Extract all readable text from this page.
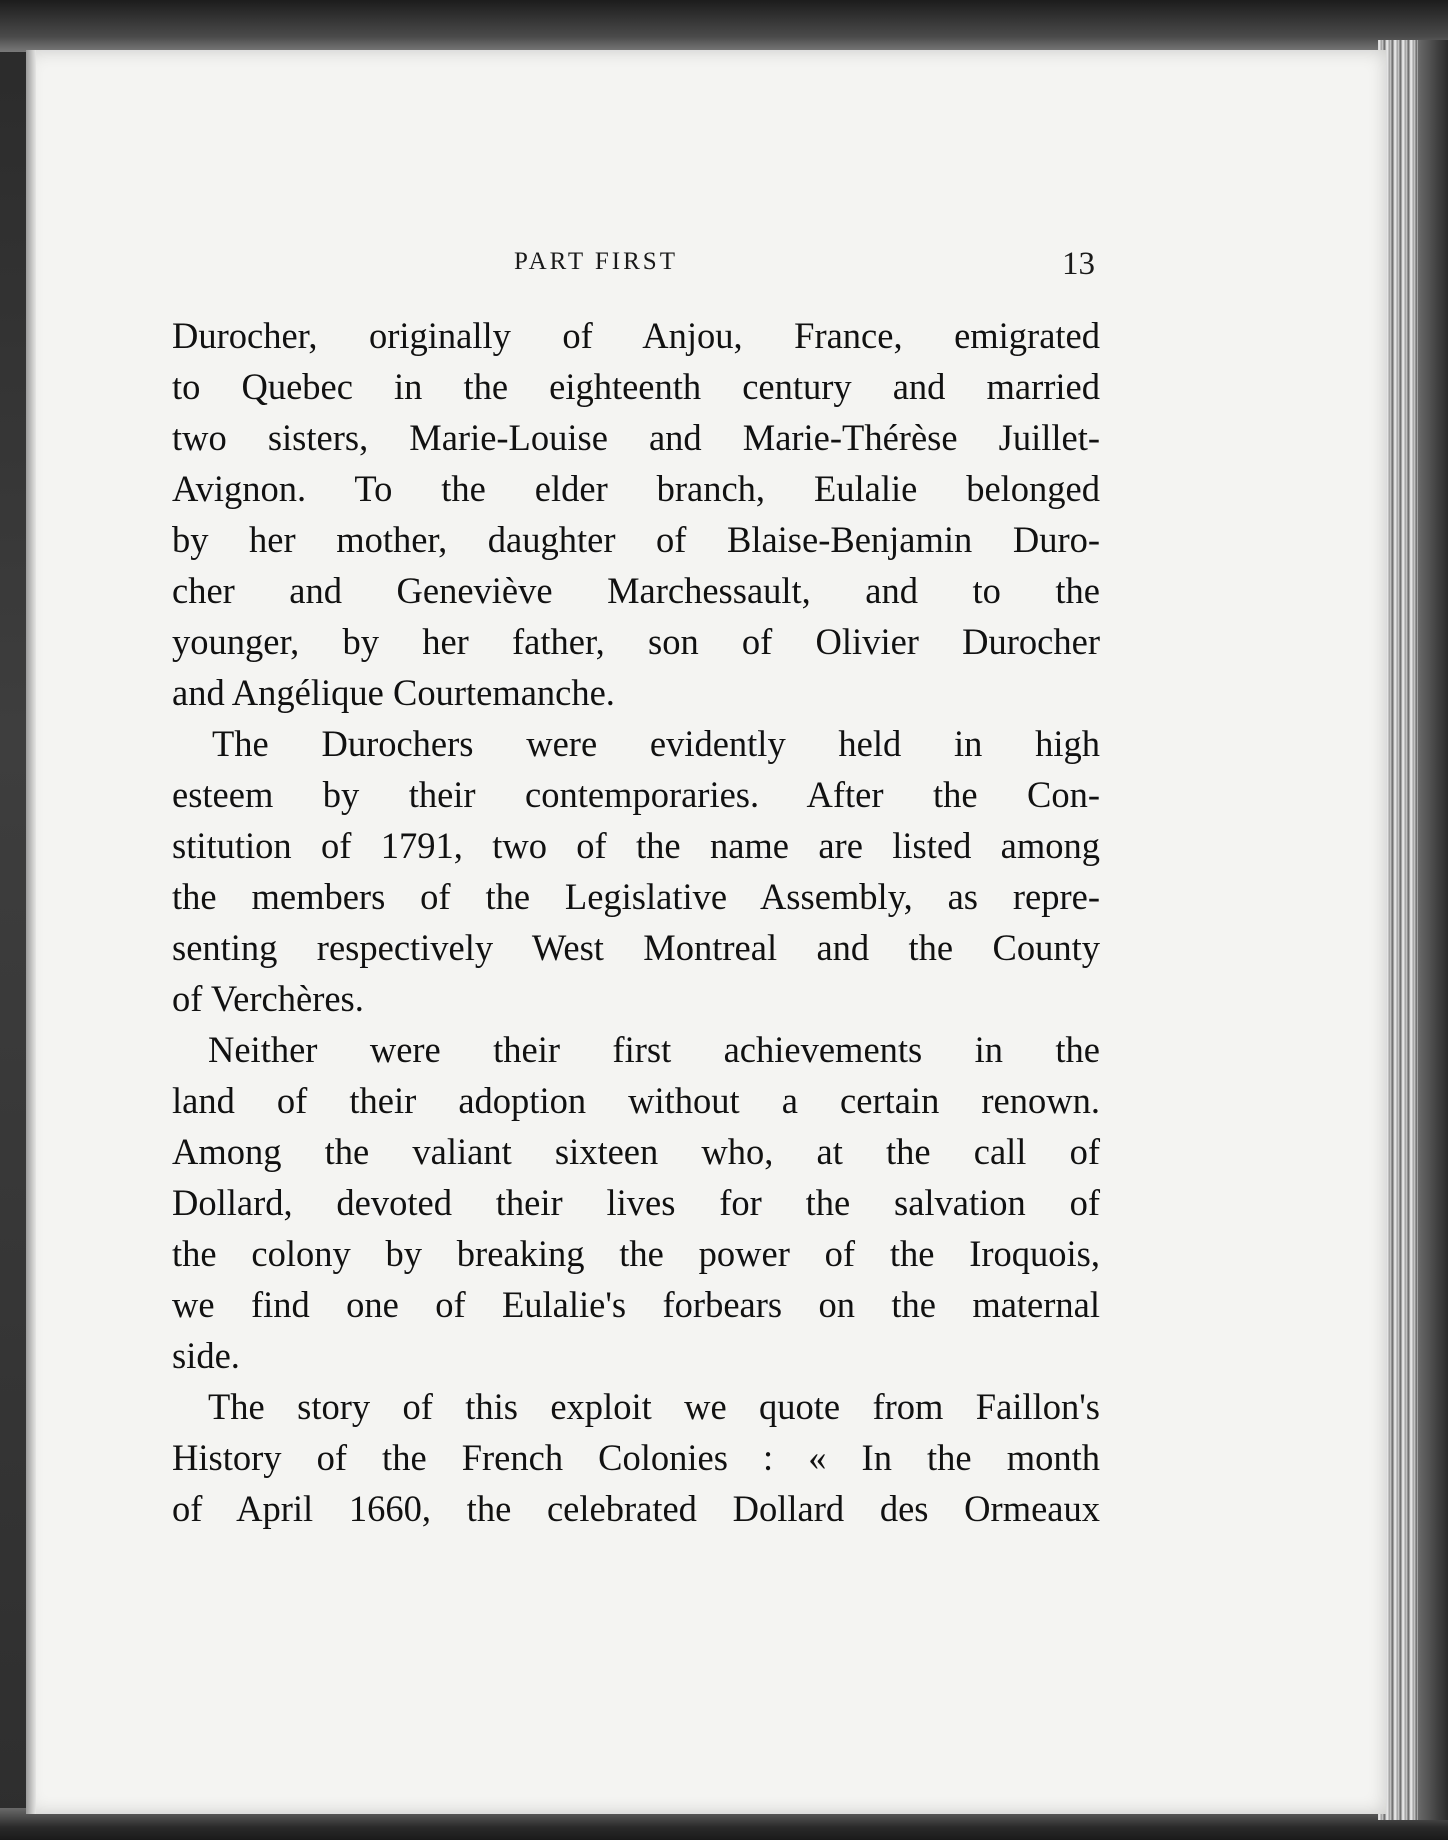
PART FIRST	13
Durocher, originally of Anjou, France, emigrated
to Quebec in the eighteenth century and married
two sisters, Marie-Louise and Marie-Thérèse Juillet-
Avignon. To the elder branch, Eulalie belonged
by her mother, daughter of Blaise-Benjamin Duro-
cher and Geneviève Marchessault, and to the
younger, by her father, son of Olivier Durocher
and Angélique Courtemanche.
The Durochers were evidently held in high
esteem by their contemporaries. After the Con-
stitution of 1791, two of the name are listed among
the members of the Legislative Assembly, as repre-
senting respectively West Montreal and the County
of Verchères.
Neither were their first achievements in the
land of their adoption without a certain renown.
Among the valiant sixteen who, at the call of
Dollard, devoted their lives for the salvation of
the colony by breaking the power of the Iroquois,
we find one of Eulalie's forbears on the maternal
side.
The story of this exploit we quote from Faillon's
History of the French Colonies : « In the month
of April 1660, the celebrated Dollard des Ormeaux
